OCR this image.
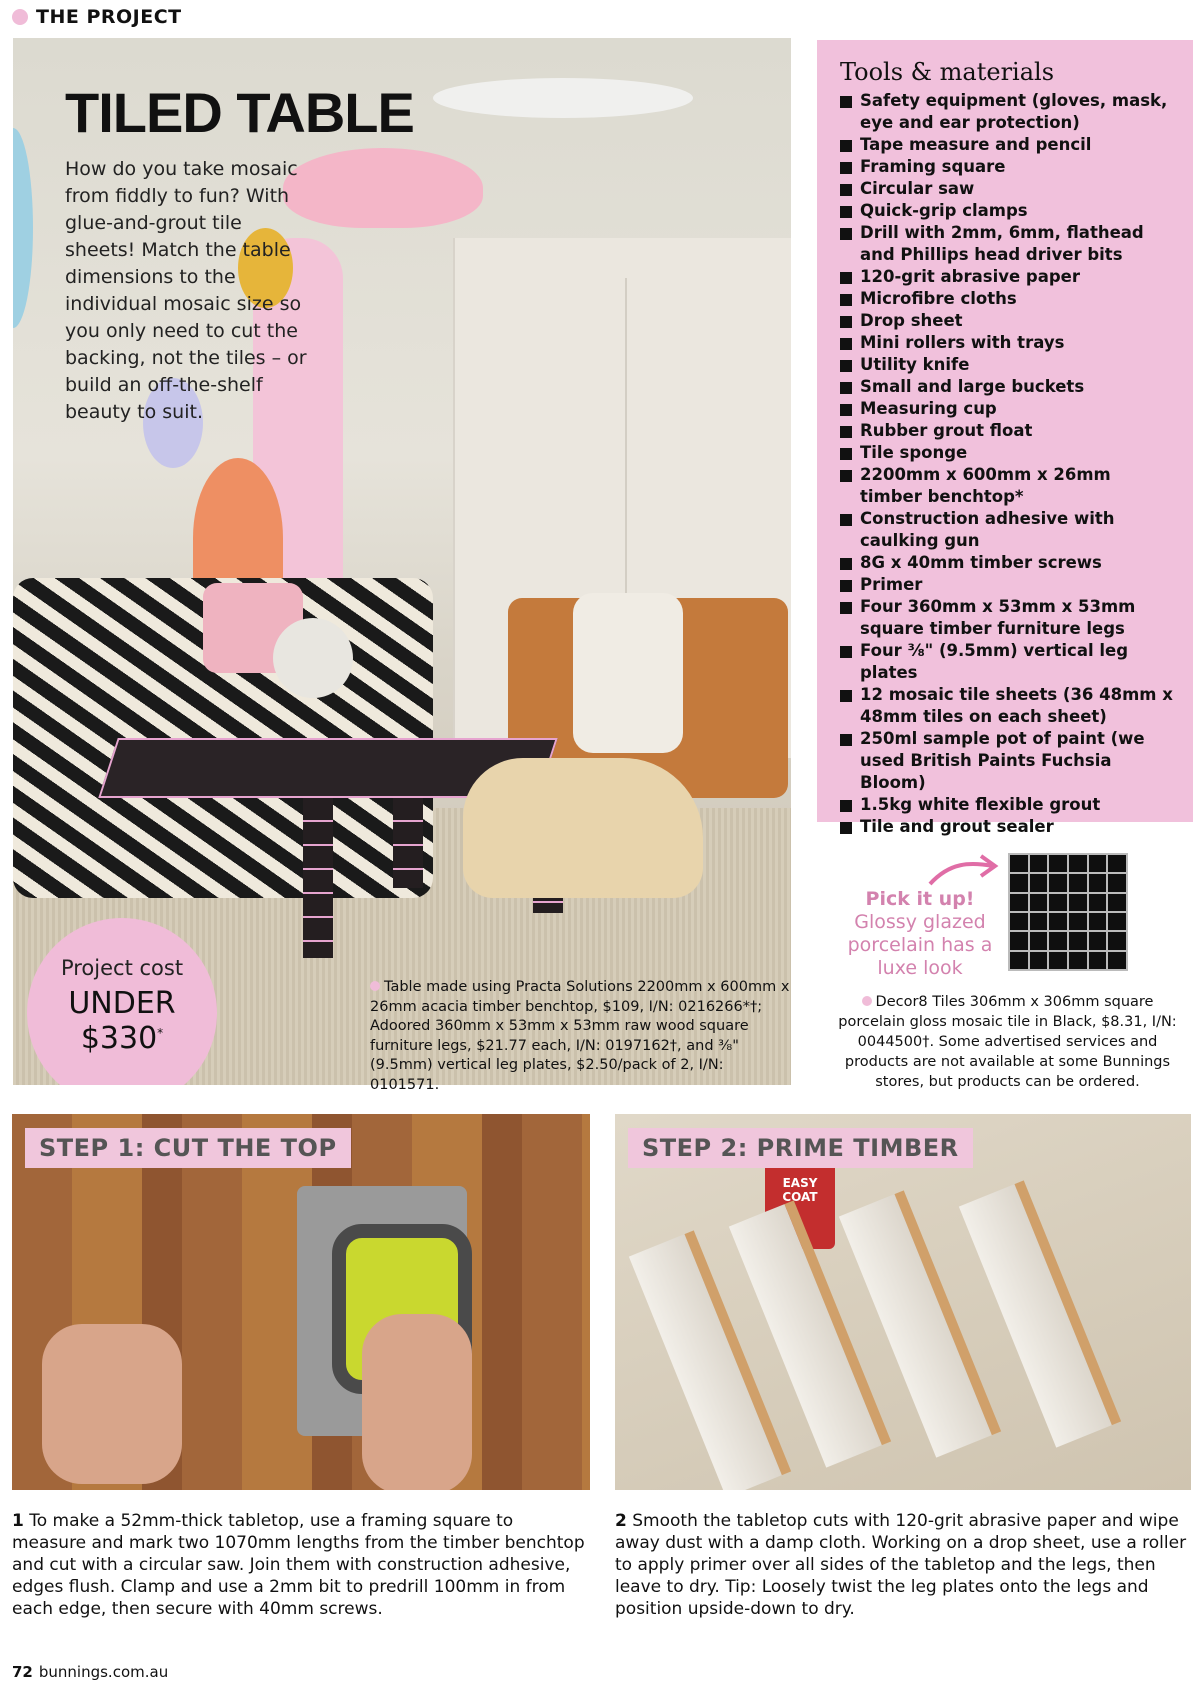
THE PROJECT
TILED TABLE
How do you take mosaic from fiddly to fun? With glue-and-grout tile sheets! Match the table dimensions to the individual mosaic size so you only need to cut the backing, not the tiles – or build an off-the-shelf beauty to suit.
Project cost
UNDER
$330*
Table made using Practa Solutions 2200mm x 600mm x 26mm acacia timber benchtop, $109, I/N: 0216266*†; Adoored 360mm x 53mm x 53mm raw wood square furniture legs, $21.77 each, I/N: 0197162†, and ⅜" (9.5mm) vertical leg plates, $2.50/pack of 2, I/N: 0101571.
Tools & materials
Safety equipment (gloves, mask, eye and ear protection)
Tape measure and pencil
Framing square
Circular saw
Quick-grip clamps
Drill with 2mm, 6mm, flathead and Phillips head driver bits
120-grit abrasive paper
Microfibre cloths
Drop sheet
Mini rollers with trays
Utility knife
Small and large buckets
Measuring cup
Rubber grout float
Tile sponge
2200mm x 600mm x 26mm timber benchtop*
Construction adhesive with caulking gun
8G x 40mm timber screws
Primer
Four 360mm x 53mm x 53mm square timber furniture legs
Four ⅜" (9.5mm) vertical leg plates
12 mosaic tile sheets (36 48mm x 48mm tiles on each sheet)
250ml sample pot of paint (we used British Paints Fuchsia Bloom)
1.5kg white flexible grout
Tile and grout sealer
Pick it up!
Glossy glazed porcelain has a luxe look
Decor8 Tiles 306mm x 306mm square porcelain gloss mosaic tile in Black, $8.31, I/N: 0044500†. Some advertised services and products are not available at some Bunnings stores, but products can be ordered.
STEP 1: CUT THE TOP
EASY COAT
STEP 2: PRIME TIMBER
1 To make a 52mm-thick tabletop, use a framing square to measure and mark two 1070mm lengths from the timber benchtop and cut with a circular saw. Join them with construction adhesive, edges flush. Clamp and use a 2mm bit to predrill 100mm in from each edge, then secure with 40mm screws.
2 Smooth the tabletop cuts with 120-grit abrasive paper and wipe away dust with a damp cloth. Working on a drop sheet, use a roller to apply primer over all sides of the tabletop and the legs, then leave to dry. Tip: Loosely twist the leg plates onto the legs and position upside-down to dry.
72 bunnings.com.au
